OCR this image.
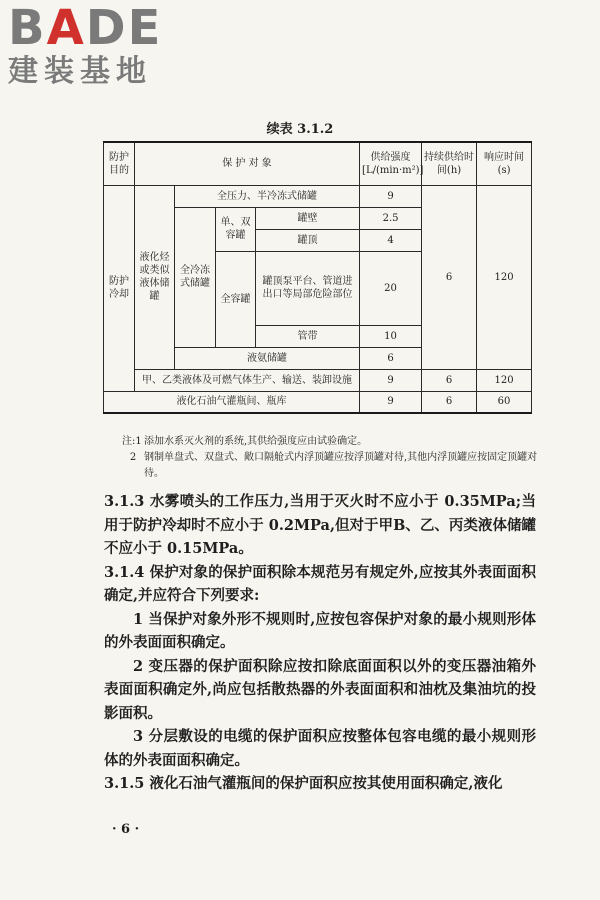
BADE
建装基地
续表 3.1.2
防护目的	保 护 对 象				供给强度 [L/(min·m²)]	持续供给时间(h)	响应时间(s)
防护冷却	液化烃或类似液体储罐	全压力、半冷冻式储罐			9	6	120
		全冷冻式储罐	单、双容罐	罐壁	2.5		
				罐顶	4		
			全容罐	罐顶泵平台、管道进出口等局部危险部位	20		
				管带	10		
		液氨储罐			6		
	甲、乙类液体及可燃气体生产、输送、装卸设施				9	6	120
液化石油气灌瓶间、瓶库					9	6	60
注:1 添加水系灭火剂的系统,其供给强度应由试验确定。
2 钢制单盘式、双盘式、敞口隔舱式内浮顶罐应按浮顶罐对待,其他内浮顶罐应按固定顶罐对待。

3.1.3 水雾喷头的工作压力,当用于灭火时不应小于 0.35MPa;当用于防护冷却时不应小于 0.2MPa,但对于甲B、乙、丙类液体储罐不应小于 0.15MPa。

3.1.4 保护对象的保护面积除本规范另有规定外,应按其外表面面积确定,并应符合下列要求:

1 当保护对象外形不规则时,应按包容保护对象的最小规则形体的外表面面积确定。

2 变压器的保护面积除应按扣除底面面积以外的变压器油箱外表面面积确定外,尚应包括散热器的外表面面积和油枕及集油坑的投影面积。

3 分层敷设的电缆的保护面积应按整体包容电缆的最小规则形体的外表面面积确定。

3.1.5 液化石油气灌瓶间的保护面积应按其使用面积确定,液化

· 6 ·
